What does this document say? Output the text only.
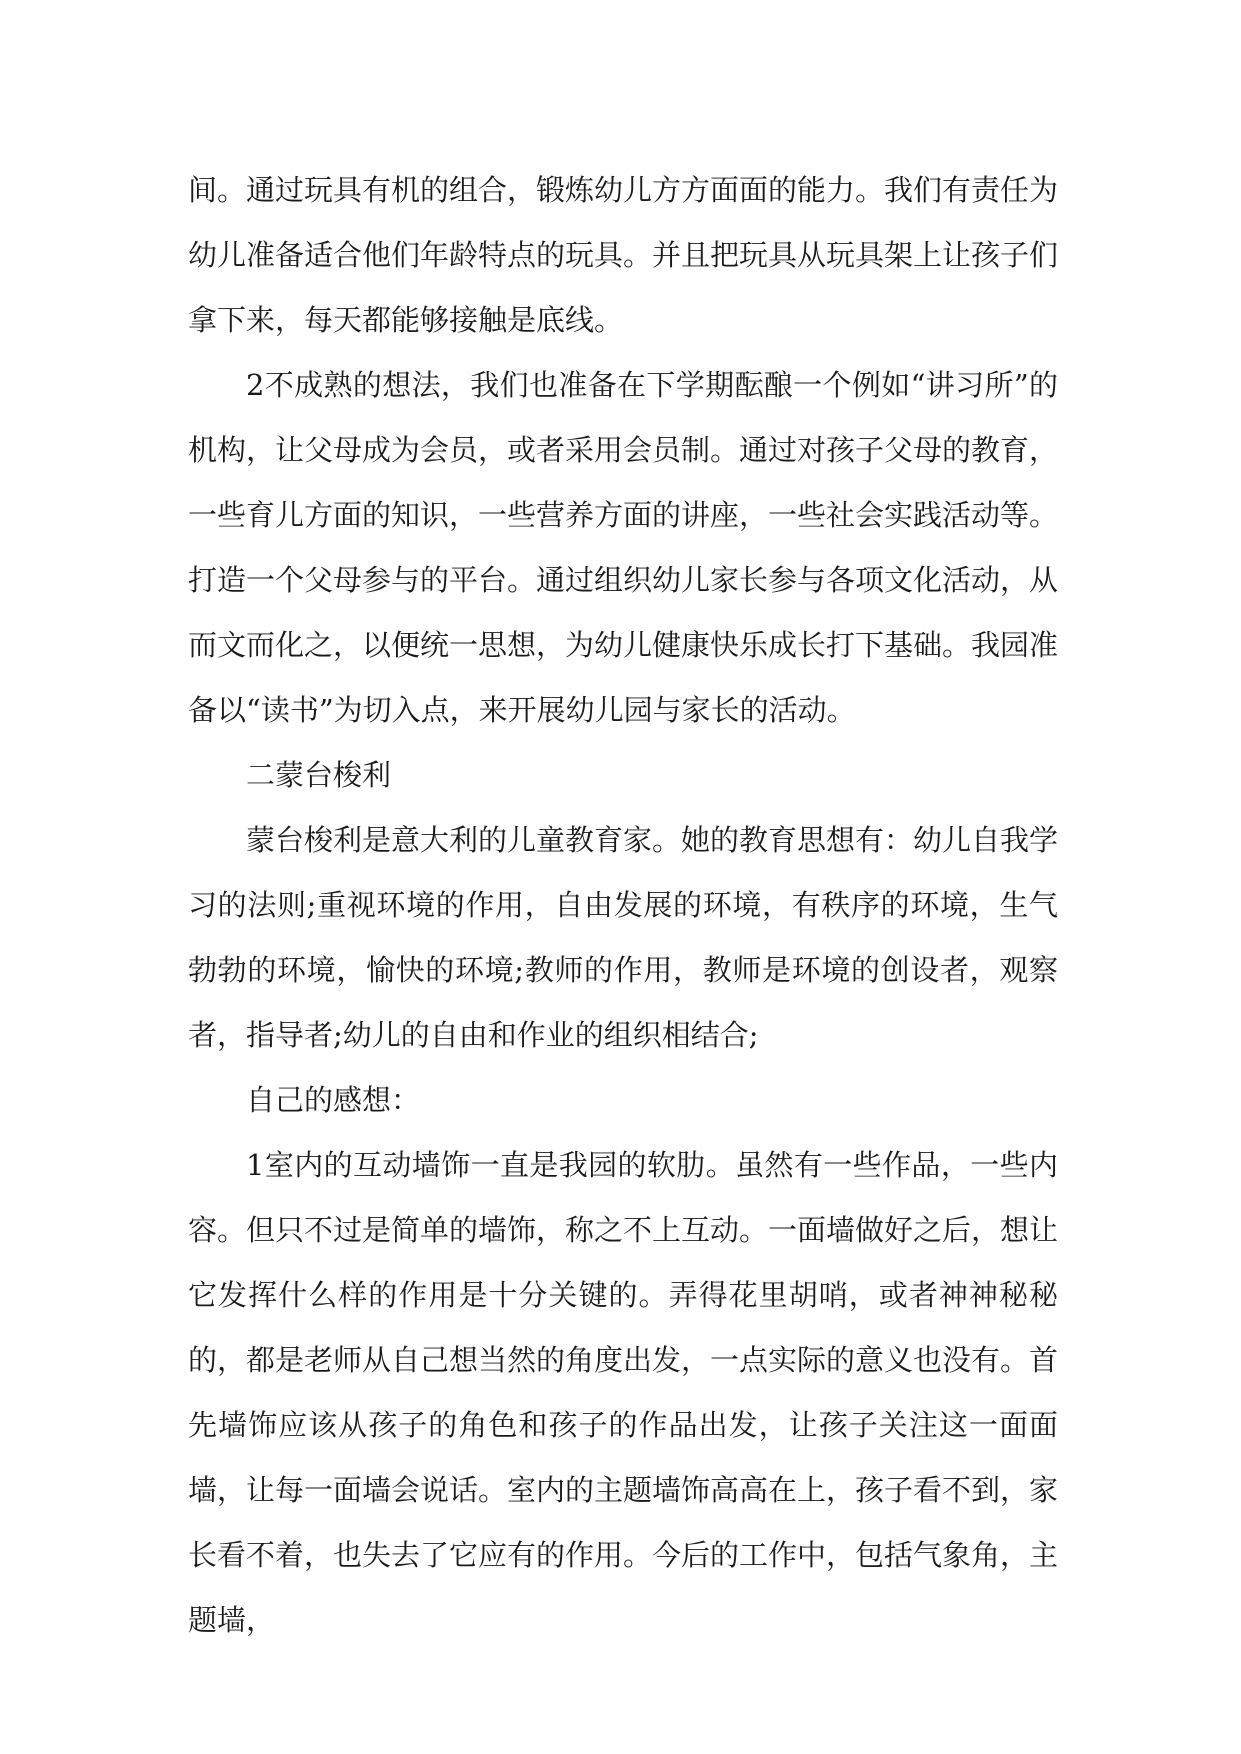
间。通过玩具有机的组合，锻炼幼儿方方面面的能力。我们有责任为幼儿准备适合他们年龄特点的玩具。并且把玩具从玩具架上让孩子们拿下来，每天都能够接触是底线。

2不成熟的想法，我们也准备在下学期酝酿一个例如“讲习所”的机构，让父母成为会员，或者采用会员制。通过对孩子父母的教育，一些育儿方面的知识，一些营养方面的讲座，一些社会实践活动等。打造一个父母参与的平台。通过组织幼儿家长参与各项文化活动，从而文而化之，以便统一思想，为幼儿健康快乐成长打下基础。我园准备以“读书”为切入点，来开展幼儿园与家长的活动。

二蒙台梭利

蒙台梭利是意大利的儿童教育家。她的教育思想有：幼儿自我学习的法则;重视环境的作用，自由发展的环境，有秩序的环境，生气勃勃的环境，愉快的环境;教师的作用，教师是环境的创设者，观察者，指导者;幼儿的自由和作业的组织相结合;

自己的感想：

1室内的互动墙饰一直是我园的软肋。虽然有一些作品，一些内容。但只不过是简单的墙饰，称之不上互动。一面墙做好之后，想让它发挥什么样的作用是十分关键的。弄得花里胡哨，或者神神秘秘的，都是老师从自己想当然的角度出发，一点实际的意义也没有。首先墙饰应该从孩子的角色和孩子的作品出发，让孩子关注这一面面墙，让每一面墙会说话。室内的主题墙饰高高在上，孩子看不到，家长看不着，也失去了它应有的作用。今后的工作中，包括气象角，主题墙，
